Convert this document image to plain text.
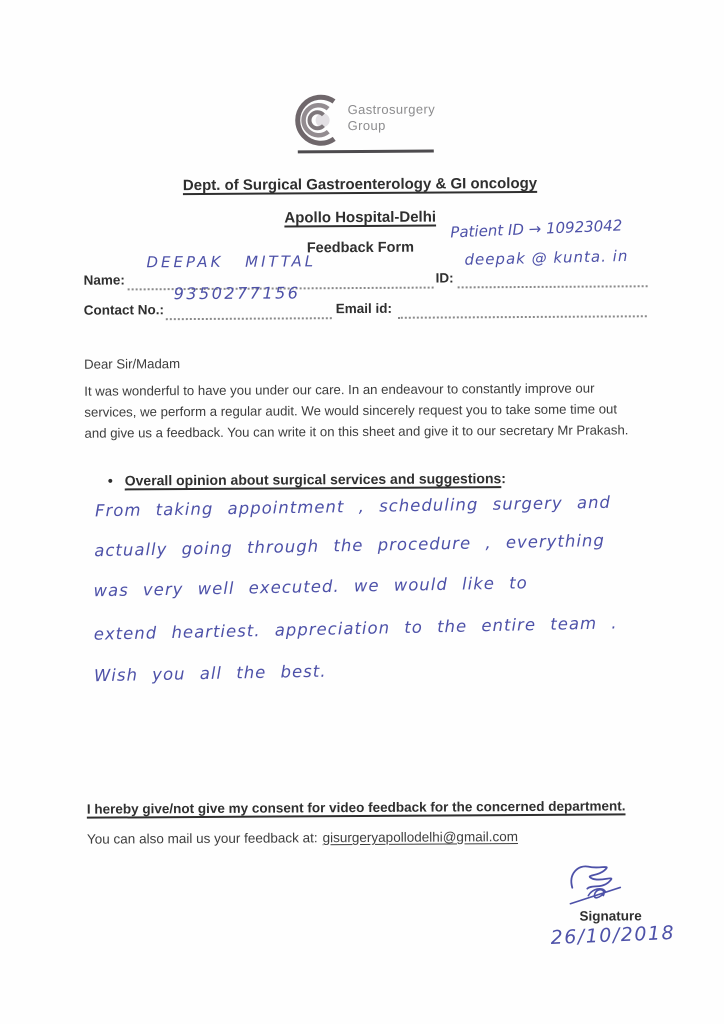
Gastrosurgery
Group
Dept. of Surgical Gastroenterology & GI oncology
Apollo Hospital-Delhi
Feedback Form
Patient ID → 10923042
Name:
DEEPAK MITTAL
ID:
deepak @ kunta. in
Contact No.:
9350277156
Email id:
Dear Sir/Madam
It was wonderful to have you under our care. In an endeavour to constantly improve our services, we perform a regular audit. We would sincerely request you to take some time out and give us a feedback. You can write it on this sheet and give it to our secretary Mr Prakash.
• Overall opinion about surgical services and suggestions:
From taking appointment , scheduling surgery and
actually going through the procedure , everything
was very well executed. we would like to
extend heartiest. appreciation to the entire team .
Wish you all the best.
I hereby give/not give my consent for video feedback for the concerned department.
You can also mail us your feedback at: gisurgeryapollodelhi@gmail.com
Signature
26/10/2018
